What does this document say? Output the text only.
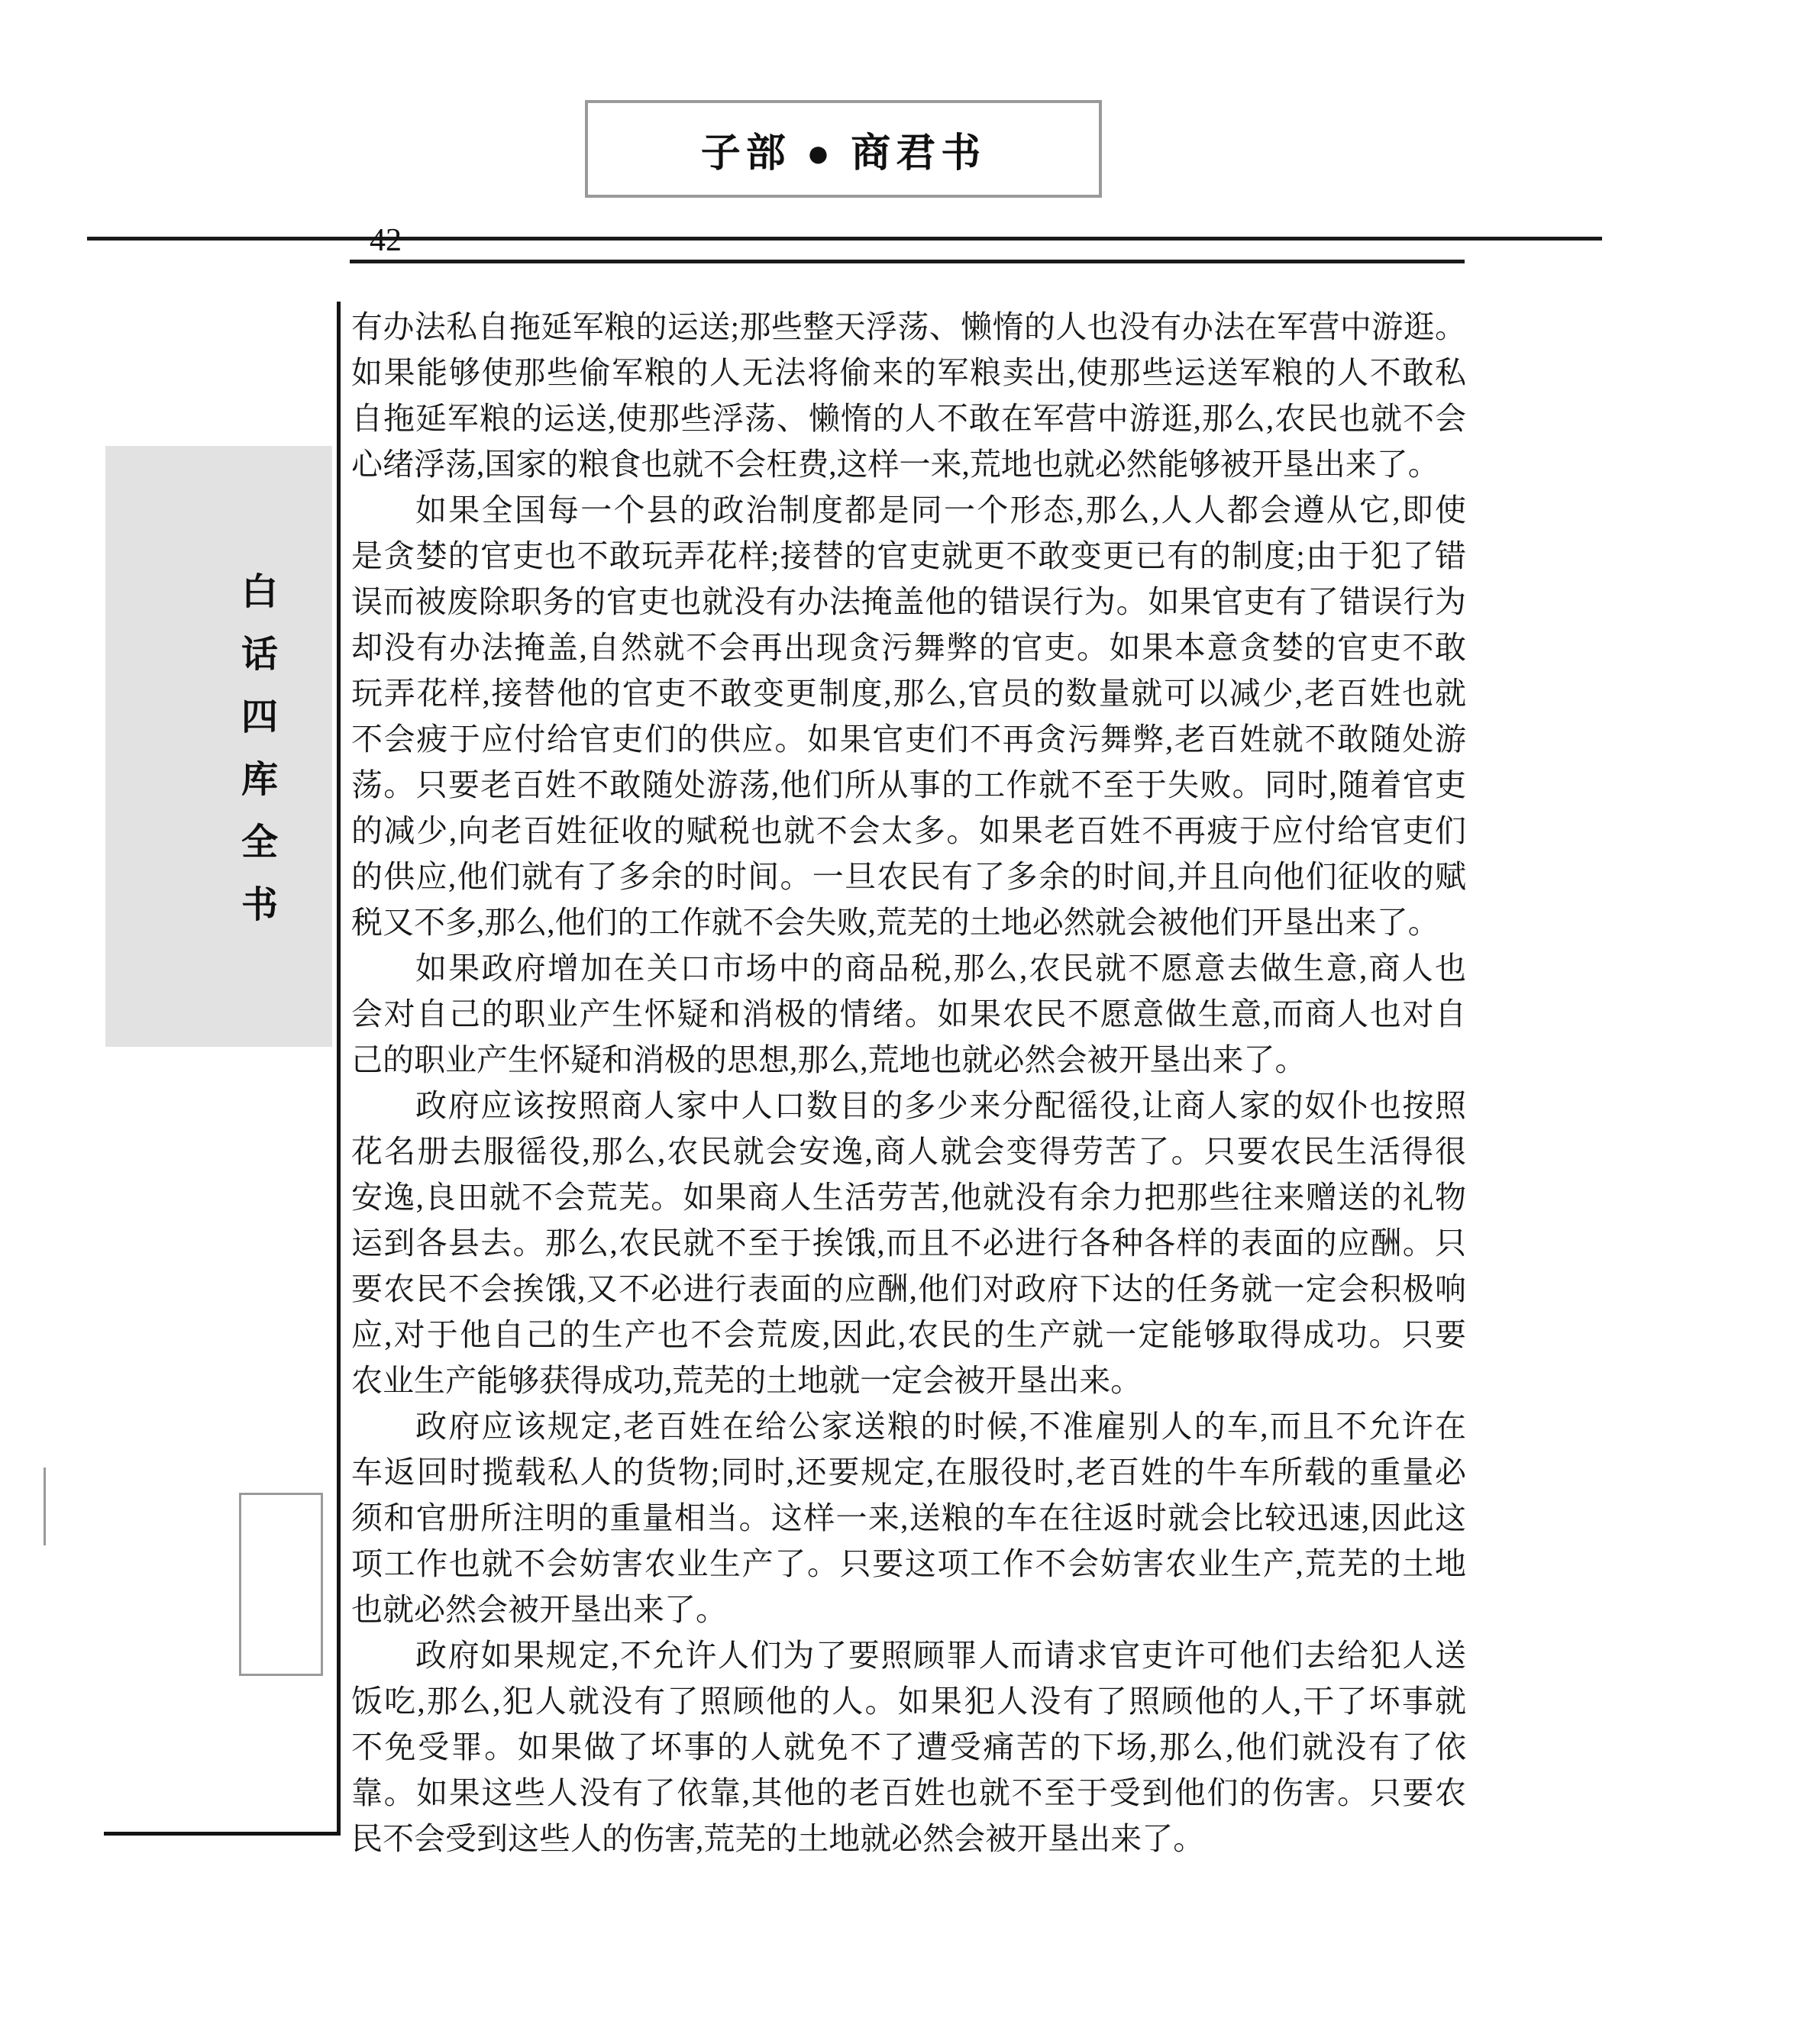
子部 ● 商君书
42
白
话
四
库
全
书
有办法私自拖延军粮的运送;那些整天浮荡、懒惰的人也没有办法在军营中游逛。
如果能够使那些偷军粮的人无法将偷来的军粮卖出,使那些运送军粮的人不敢私
自拖延军粮的运送,使那些浮荡、懒惰的人不敢在军营中游逛,那么,农民也就不会
心绪浮荡,国家的粮食也就不会枉费,这样一来,荒地也就必然能够被开垦出来了。
如果全国每一个县的政治制度都是同一个形态,那么,人人都会遵从它,即使
是贪婪的官吏也不敢玩弄花样;接替的官吏就更不敢变更已有的制度;由于犯了错
误而被废除职务的官吏也就没有办法掩盖他的错误行为。如果官吏有了错误行为
却没有办法掩盖,自然就不会再出现贪污舞弊的官吏。如果本意贪婪的官吏不敢
玩弄花样,接替他的官吏不敢变更制度,那么,官员的数量就可以减少,老百姓也就
不会疲于应付给官吏们的供应。如果官吏们不再贪污舞弊,老百姓就不敢随处游
荡。只要老百姓不敢随处游荡,他们所从事的工作就不至于失败。同时,随着官吏
的减少,向老百姓征收的赋税也就不会太多。如果老百姓不再疲于应付给官吏们
的供应,他们就有了多余的时间。一旦农民有了多余的时间,并且向他们征收的赋
税又不多,那么,他们的工作就不会失败,荒芜的土地必然就会被他们开垦出来了。
如果政府增加在关口市场中的商品税,那么,农民就不愿意去做生意,商人也
会对自己的职业产生怀疑和消极的情绪。如果农民不愿意做生意,而商人也对自
己的职业产生怀疑和消极的思想,那么,荒地也就必然会被开垦出来了。
政府应该按照商人家中人口数目的多少来分配徭役,让商人家的奴仆也按照
花名册去服徭役,那么,农民就会安逸,商人就会变得劳苦了。只要农民生活得很
安逸,良田就不会荒芜。如果商人生活劳苦,他就没有余力把那些往来赠送的礼物
运到各县去。那么,农民就不至于挨饿,而且不必进行各种各样的表面的应酬。只
要农民不会挨饿,又不必进行表面的应酬,他们对政府下达的任务就一定会积极响
应,对于他自己的生产也不会荒废,因此,农民的生产就一定能够取得成功。只要
农业生产能够获得成功,荒芜的土地就一定会被开垦出来。
政府应该规定,老百姓在给公家送粮的时候,不准雇别人的车,而且不允许在
车返回时揽载私人的货物;同时,还要规定,在服役时,老百姓的牛车所载的重量必
须和官册所注明的重量相当。这样一来,送粮的车在往返时就会比较迅速,因此这
项工作也就不会妨害农业生产了。只要这项工作不会妨害农业生产,荒芜的土地
也就必然会被开垦出来了。
政府如果规定,不允许人们为了要照顾罪人而请求官吏许可他们去给犯人送
饭吃,那么,犯人就没有了照顾他的人。如果犯人没有了照顾他的人,干了坏事就
不免受罪。如果做了坏事的人就免不了遭受痛苦的下场,那么,他们就没有了依
靠。如果这些人没有了依靠,其他的老百姓也就不至于受到他们的伤害。只要农
民不会受到这些人的伤害,荒芜的土地就必然会被开垦出来了。
